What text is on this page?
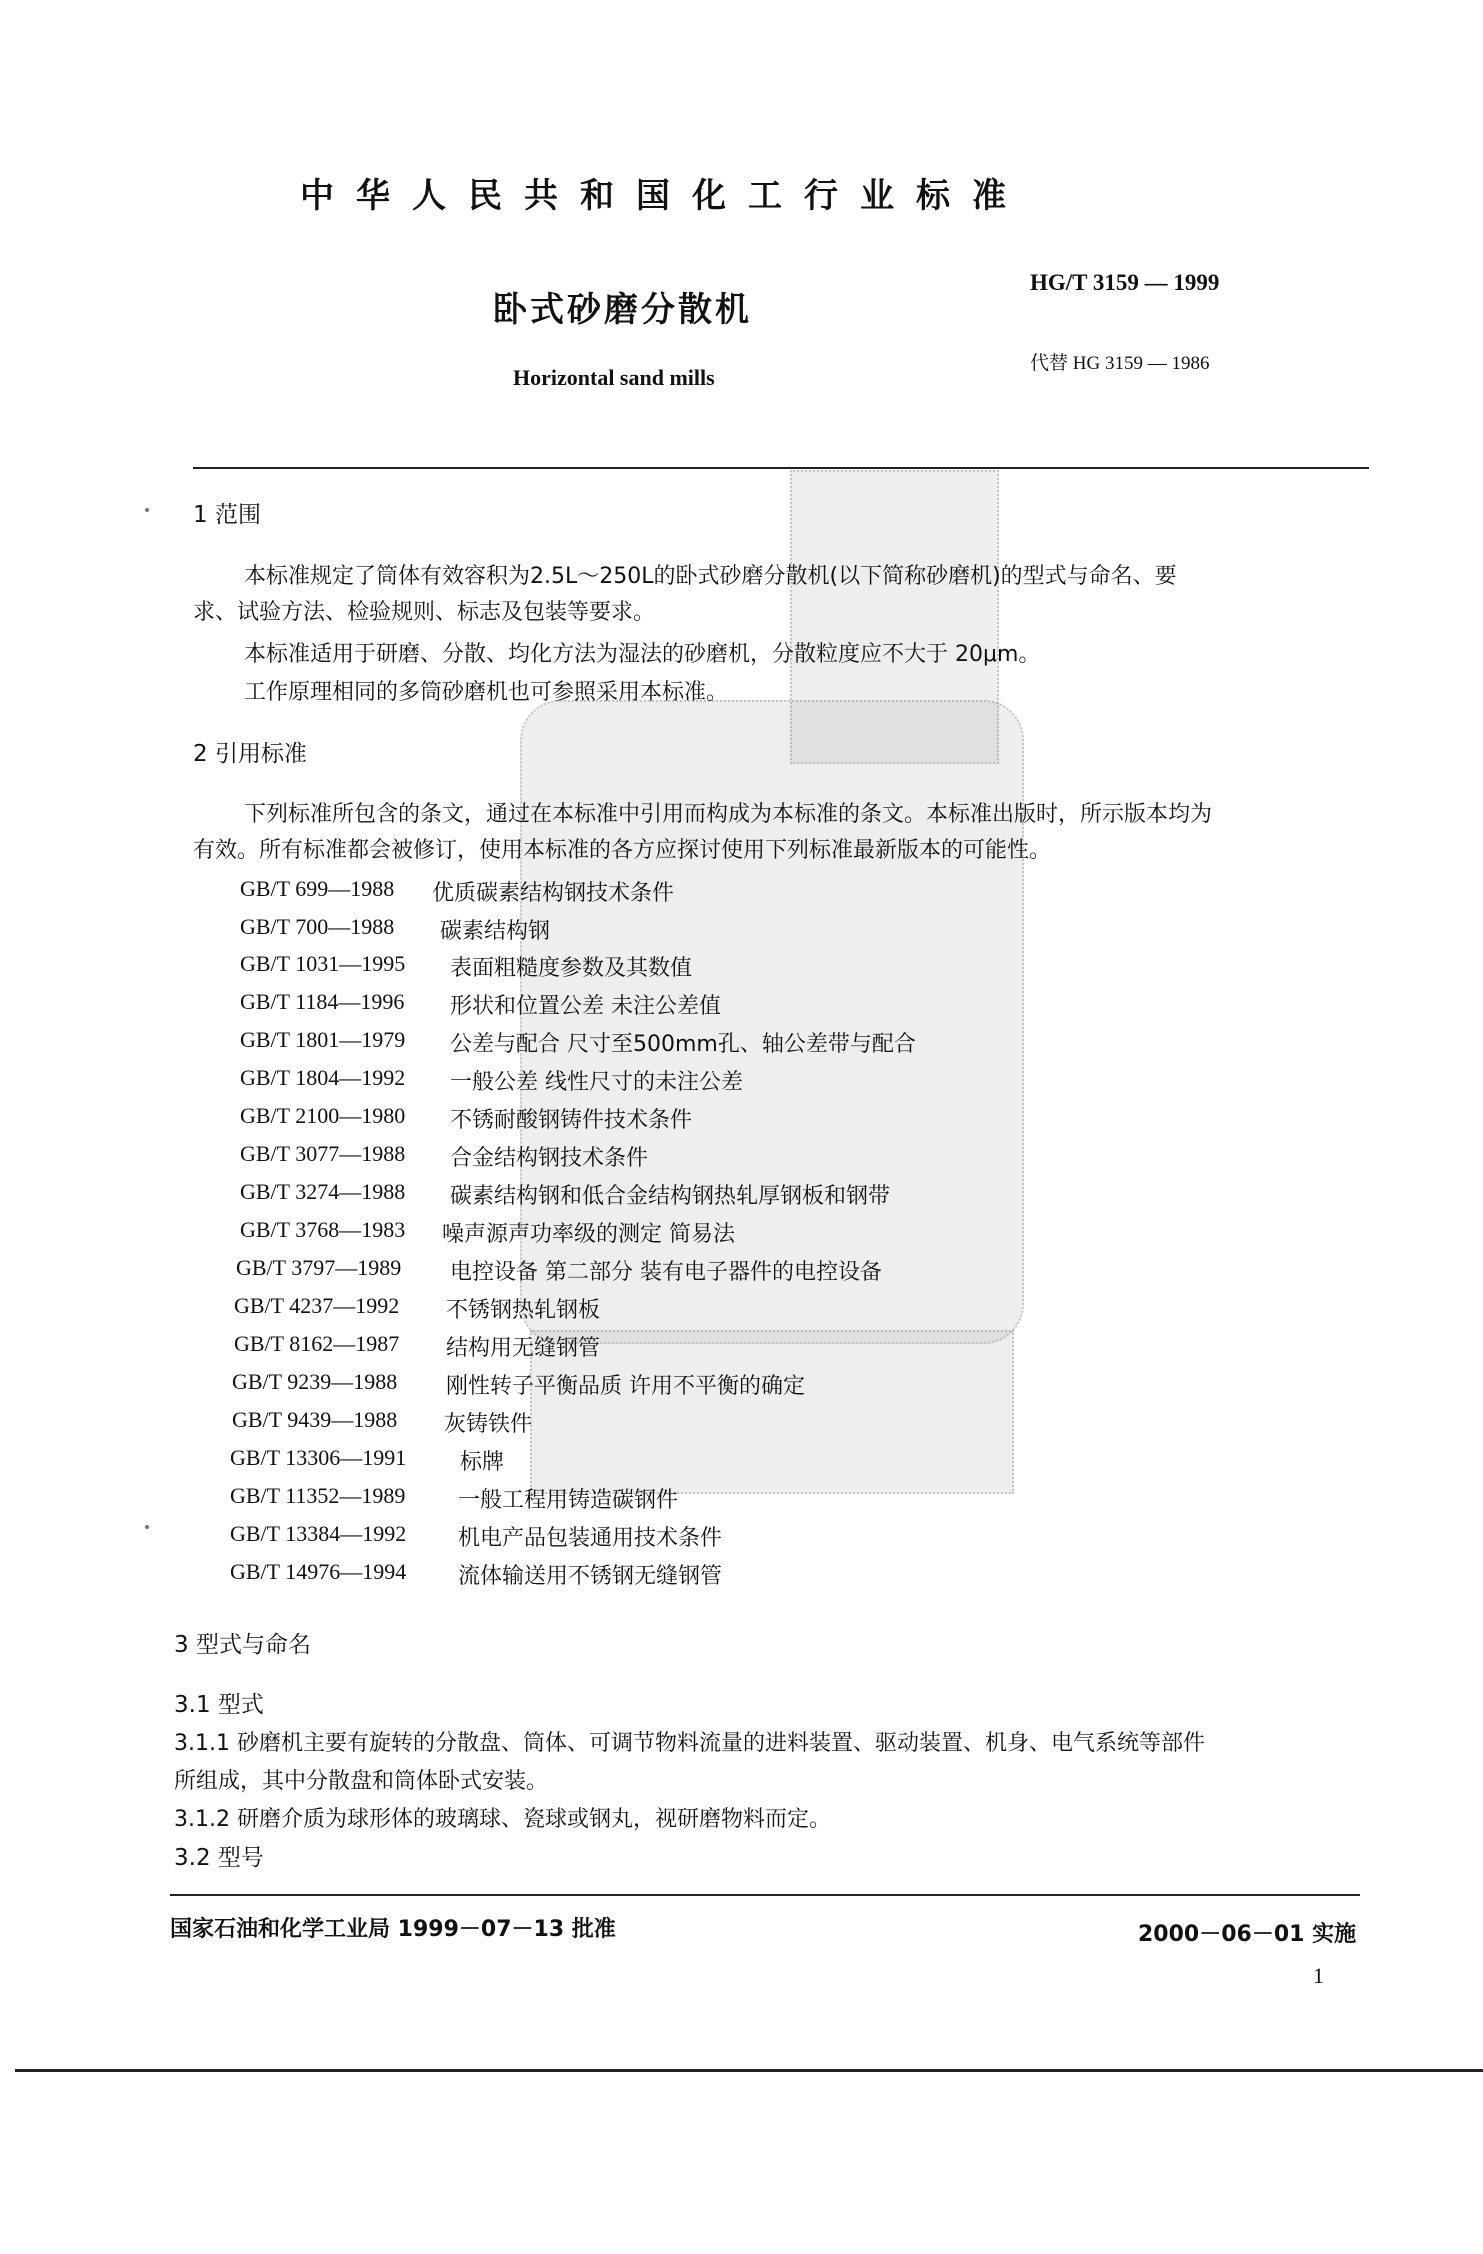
中华人民共和国化工行业标准
卧式砂磨分散机
Horizontal sand mills
HG/T 3159 — 1999
代替 HG 3159 — 1986
1 范围
本标准规定了筒体有效容积为2.5L～250L的卧式砂磨分散机(以下简称砂磨机)的型式与命名、要
求、试验方法、检验规则、标志及包装等要求。
本标准适用于研磨、分散、均化方法为湿法的砂磨机，分散粒度应不大于 20μm。
工作原理相同的多筒砂磨机也可参照采用本标准。
2 引用标准
下列标准所包含的条文，通过在本标准中引用而构成为本标准的条文。本标准出版时，所示版本均为
有效。所有标准都会被修订，使用本标准的各方应探讨使用下列标准最新版本的可能性。
GB/T 699—1988 优质碳素结构钢技术条件
GB/T 700—1988 碳素结构钢
GB/T 1031—1995 表面粗糙度参数及其数值
GB/T 1184—1996 形状和位置公差 未注公差值
GB/T 1801—1979 公差与配合 尺寸至500mm孔、轴公差带与配合
GB/T 1804—1992 一般公差 线性尺寸的未注公差
GB/T 2100—1980 不锈耐酸钢铸件技术条件
GB/T 3077—1988 合金结构钢技术条件
GB/T 3274—1988 碳素结构钢和低合金结构钢热轧厚钢板和钢带
GB/T 3768—1983 噪声源声功率级的测定 简易法
GB/T 3797—1989 电控设备 第二部分 装有电子器件的电控设备
GB/T 4237—1992 不锈钢热轧钢板
GB/T 8162—1987 结构用无缝钢管
GB/T 9239—1988 刚性转子平衡品质 许用不平衡的确定
GB/T 9439—1988 灰铸铁件
GB/T 13306—1991 标牌
GB/T 11352—1989 一般工程用铸造碳钢件
GB/T 13384—1992 机电产品包装通用技术条件
GB/T 14976—1994 流体输送用不锈钢无缝钢管
3 型式与命名
3.1 型式
3.1.1 砂磨机主要有旋转的分散盘、筒体、可调节物料流量的进料装置、驱动装置、机身、电气系统等部件
所组成，其中分散盘和筒体卧式安装。
3.1.2 研磨介质为球形体的玻璃球、瓷球或钢丸，视研磨物料而定。
3.2 型号
国家石油和化学工业局 1999－07－13 批准	2000－06－01 实施
1
